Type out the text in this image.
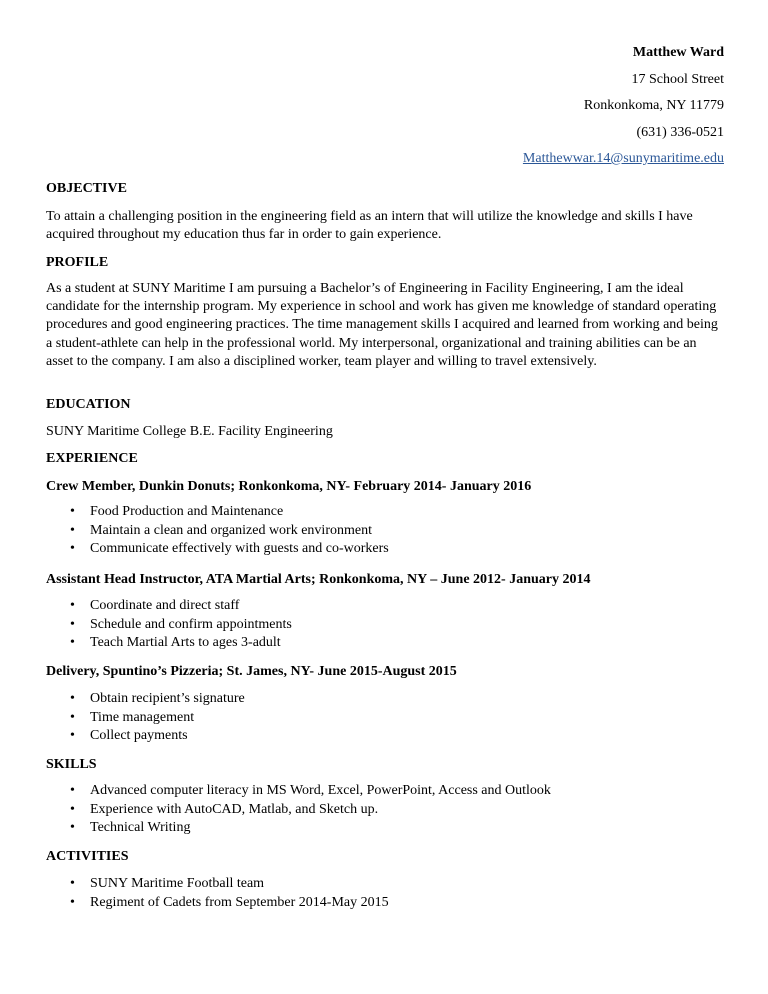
Matthew Ward
17 School Street
Ronkonkoma, NY 11779
(631) 336-0521
Matthewwar.14@sunymaritime.edu
OBJECTIVE
To attain a challenging position in the engineering field as an intern that will utilize the knowledge and skills I have acquired throughout my education thus far in order to gain experience.
PROFILE
As a student at SUNY Maritime I am pursuing a Bachelor’s of Engineering in Facility Engineering, I am the ideal candidate for the internship program. My experience in school and work has given me knowledge of standard operating procedures and good engineering practices. The time management skills I acquired and learned from working and being a student-athlete can help in the professional world. My interpersonal, organizational and training abilities can be an asset to the company. I am also a disciplined worker, team player and willing to travel extensively.
EDUCATION
SUNY Maritime College B.E. Facility Engineering
EXPERIENCE
Crew Member, Dunkin Donuts; Ronkonkoma, NY- February 2014- January 2016
• Food Production and Maintenance
• Maintain a clean and organized work environment
• Communicate effectively with guests and co-workers
Assistant Head Instructor, ATA Martial Arts; Ronkonkoma, NY – June 2012- January 2014
• Coordinate and direct staff
• Schedule and confirm appointments
• Teach Martial Arts to ages 3-adult
Delivery, Spuntino’s Pizzeria; St. James, NY- June 2015-August 2015
• Obtain recipient’s signature
• Time management
• Collect payments
SKILLS
• Advanced computer literacy in MS Word, Excel, PowerPoint, Access and Outlook
• Experience with AutoCAD, Matlab, and Sketch up.
• Technical Writing
ACTIVITIES
• SUNY Maritime Football team
• Regiment of Cadets from September 2014-May 2015
